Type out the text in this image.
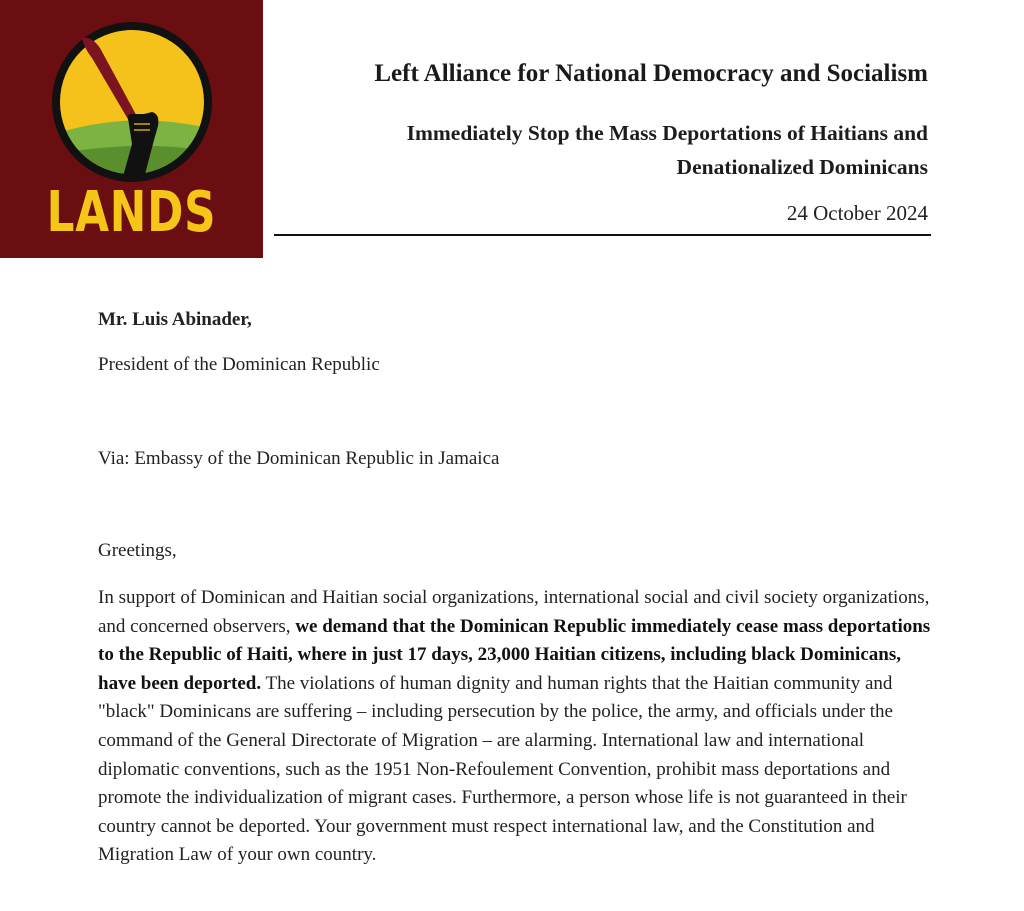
LANDS
Left Alliance for National Democracy and Socialism
Immediately Stop the Mass Deportations of Haitians and
Denationalized Dominicans
24 October 2024
Mr. Luis Abinader,
President of the Dominican Republic
Via: Embassy of the Dominican Republic in Jamaica
Greetings,
In support of Dominican and Haitian social organizations, international social and civil society organizations, and concerned observers, we demand that the Dominican Republic immediately cease mass deportations to the Republic of Haiti, where in just 17 days, 23,000 Haitian citizens, including black Dominicans, have been deported. The violations of human dignity and human rights that the Haitian community and "black" Dominicans are suffering – including persecution by the police, the army, and officials under the command of the General Directorate of Migration – are alarming. International law and international diplomatic conventions, such as the 1951 Non-Refoulement Convention, prohibit mass deportations and promote the individualization of migrant cases. Furthermore, a person whose life is not guaranteed in their country cannot be deported. Your government must respect international law, and the Constitution and Migration Law of your own country.
